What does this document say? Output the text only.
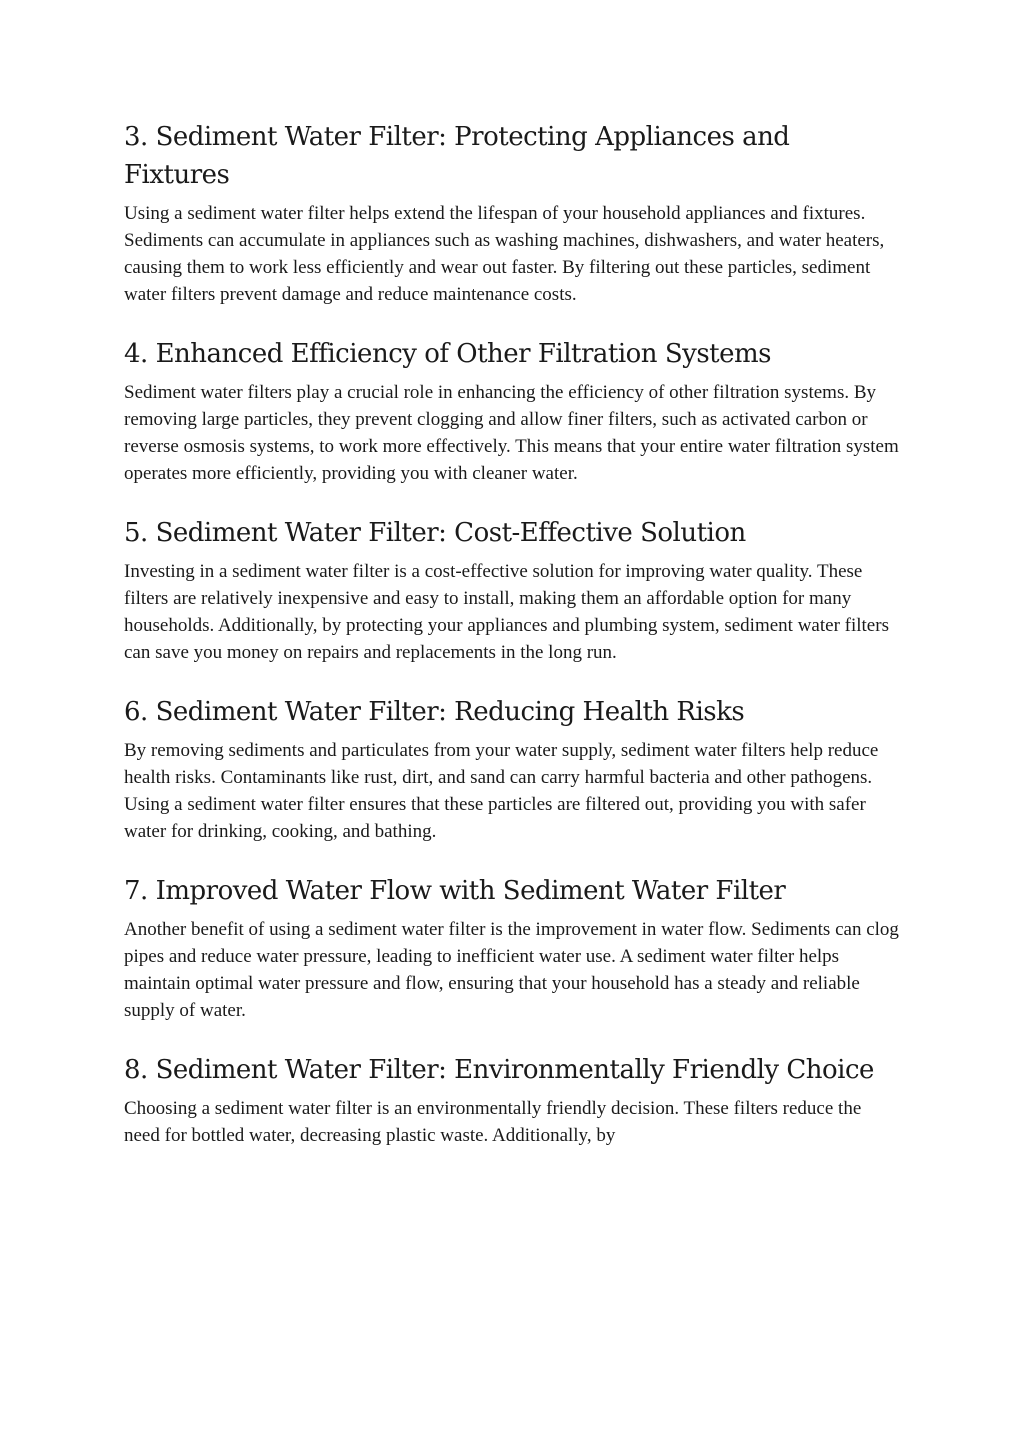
3. Sediment Water Filter: Protecting Appliances and Fixtures

Using a sediment water filter helps extend the lifespan of your household appliances and fixtures. Sediments can accumulate in appliances such as washing machines, dishwashers, and water heaters, causing them to work less efficiently and wear out faster. By filtering out these particles, sediment water filters prevent damage and reduce maintenance costs.

4. Enhanced Efficiency of Other Filtration Systems

Sediment water filters play a crucial role in enhancing the efficiency of other filtration systems. By removing large particles, they prevent clogging and allow finer filters, such as activated carbon or reverse osmosis systems, to work more effectively. This means that your entire water filtration system operates more efficiently, providing you with cleaner water.

5. Sediment Water Filter: Cost-Effective Solution

Investing in a sediment water filter is a cost-effective solution for improving water quality. These filters are relatively inexpensive and easy to install, making them an affordable option for many households. Additionally, by protecting your appliances and plumbing system, sediment water filters can save you money on repairs and replacements in the long run.

6. Sediment Water Filter: Reducing Health Risks

By removing sediments and particulates from your water supply, sediment water filters help reduce health risks. Contaminants like rust, dirt, and sand can carry harmful bacteria and other pathogens. Using a sediment water filter ensures that these particles are filtered out, providing you with safer water for drinking, cooking, and bathing.

7. Improved Water Flow with Sediment Water Filter

Another benefit of using a sediment water filter is the improvement in water flow. Sediments can clog pipes and reduce water pressure, leading to inefficient water use. A sediment water filter helps maintain optimal water pressure and flow, ensuring that your household has a steady and reliable supply of water.

8. Sediment Water Filter: Environmentally Friendly Choice

Choosing a sediment water filter is an environmentally friendly decision. These filters reduce the need for bottled water, decreasing plastic waste. Additionally, by
